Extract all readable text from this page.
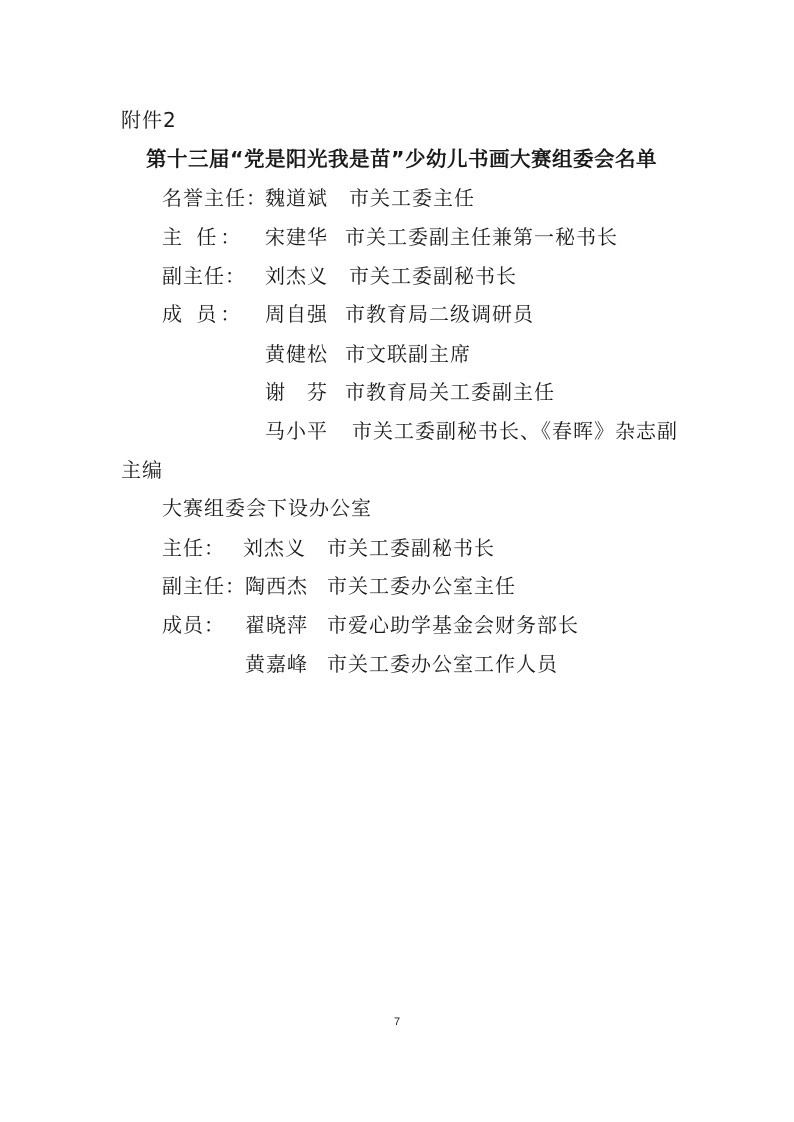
附件2
第十三届“党是阳光我是苗”少幼儿书画大赛组委会名单
名誉主任：
魏道斌 市关工委主任
主 任： 宋建华 市关工委副主任兼第一秘书长
副主任： 刘杰义 市关工委副秘书长
成 员： 周自强 市教育局二级调研员
黄健松 市文联副主席
谢　芬 市教育局关工委副主任
马小平 市关工委副秘书长、《春晖》杂志副
主编
大赛组委会下设办公室
主任： 刘杰义 市关工委副秘书长
副主任： 陶西杰 市关工委办公室主任
成员： 翟晓萍 市爱心助学基金会财务部长
黄嘉峰 市关工委办公室工作人员
7
